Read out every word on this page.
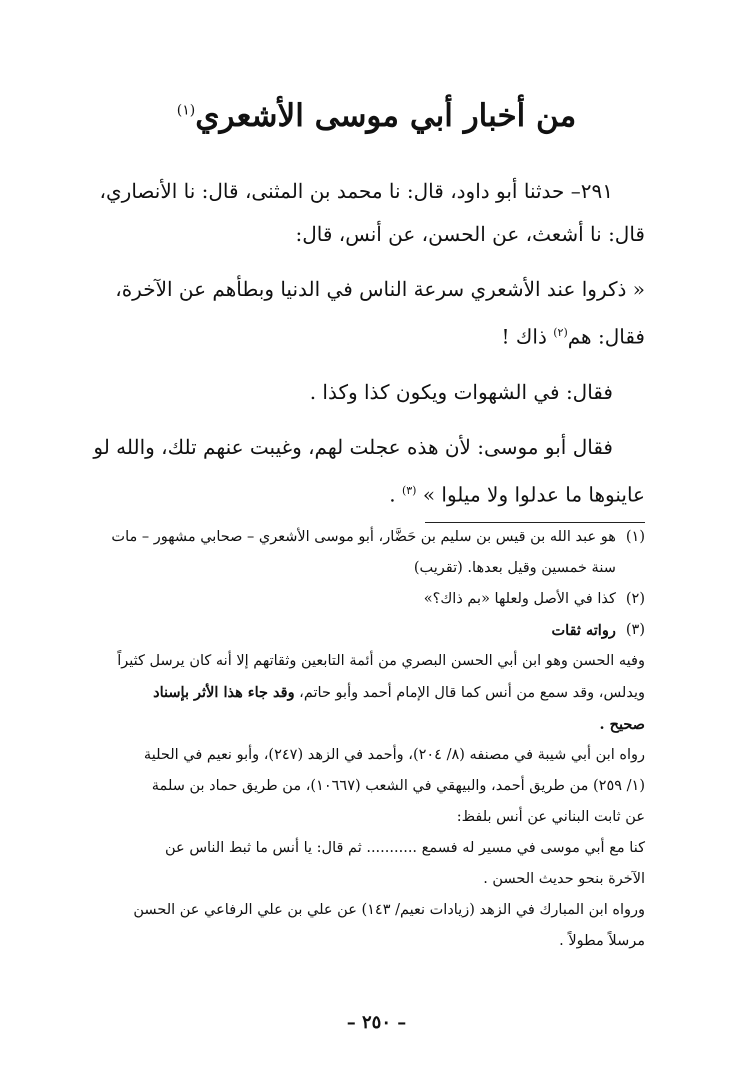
من أخبار أبي موسى الأشعري$^{(١)}$

٢٩١– حدثنا أبو داود، قال: نا محمد بن المثنى، قال: نا الأنصاري،

قال: نا أشعث، عن الحسن، عن أنس، قال:

« ذكروا عند الأشعري سرعة الناس في الدنيا وبطأهم عن الآخرة،

فقال: هم$^{(٢)}$ ذاك !

فقال: في الشهوات ويكون كذا وكذا .

فقال أبو موسى: لأن هذه عجلت لهم، وغيبت عنهم تلك، والله لو

عاينوها ما عدلوا ولا ميلوا » $^{(٣)}$ .

(١)

هو عبد الله بن قيس بن سليم بن حَضَّار، أبو موسى الأشعري – صحابي مشهور – مات

سنة خمسين وقيل بعدها. (تقريب)

(٢)

كذا في الأصل ولعلها «بم ذاك؟»

(٣)

رواته ثقات

وفيه الحسن وهو ابن أبي الحسن البصري من أئمة التابعين وثقاتهم إلا أنه كان يرسل كثيراً

ويدلس، وقد سمع من أنس كما قال الإمام أحمد وأبو حاتم، وقد جاء هذا الأثر بإسناد

صحيح .

رواه ابن أبي شيبة في مصنفه (٨/ ٢٠٤)، وأحمد في الزهد (٢٤٧)، وأبو نعيم في الحلية

(١/ ٢٥٩) من طريق أحمد، والبيهقي في الشعب (١٠٦٦٧)، من طريق حماد بن سلمة

عن ثابت البناني عن أنس بلفظ:

كنا مع أبي موسى في مسير له فسمع ........... ثم قال: يا أنس ما ثبط الناس عن

الآخرة بنحو حديث الحسن .

ورواه ابن المبارك في الزهد (زيادات نعيم/ ١٤٣) عن علي بن علي الرفاعي عن الحسن

مرسلاً مطولاً .

– ٢٥٠ –
